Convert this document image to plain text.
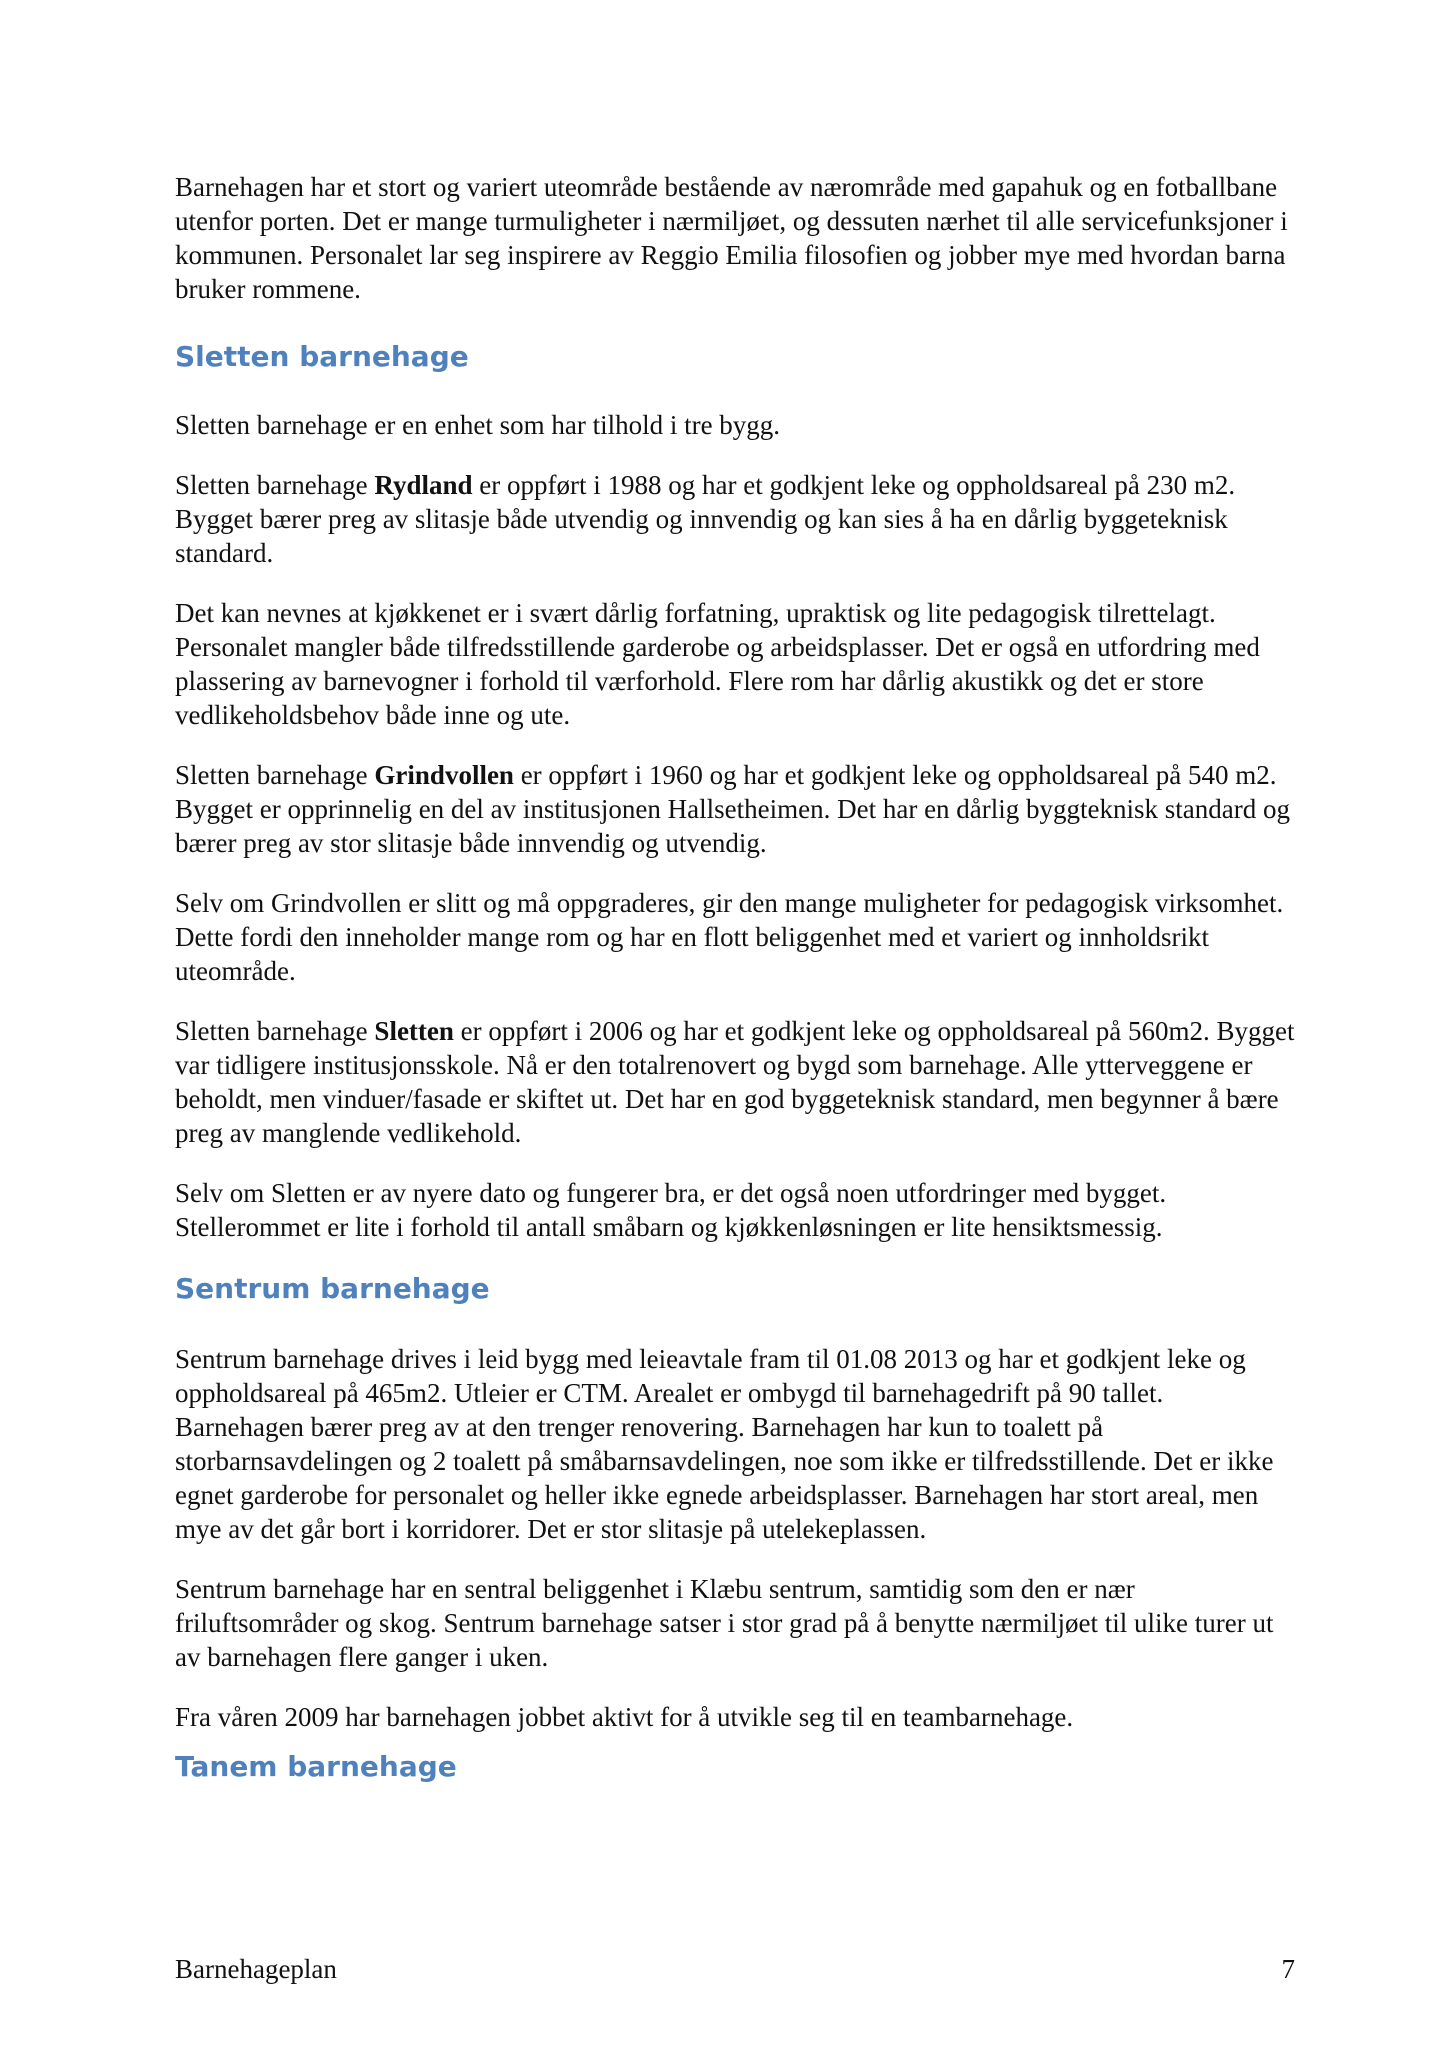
Barnehagen har et stort og variert uteområde bestående av nærområde med gapahuk og en fotballbane utenfor porten. Det er mange turmuligheter i nærmiljøet, og dessuten nærhet til alle servicefunksjoner i kommunen. Personalet lar seg inspirere av Reggio Emilia filosofien og jobber mye med hvordan barna bruker rommene.

Sletten barnehage

Sletten barnehage er en enhet som har tilhold i tre bygg.

Sletten barnehage Rydland er oppført i 1988 og har et godkjent leke og oppholdsareal på 230 m2. Bygget bærer preg av slitasje både utvendig og innvendig og kan sies å ha en dårlig byggeteknisk standard.

Det kan nevnes at kjøkkenet er i svært dårlig forfatning, upraktisk og lite pedagogisk tilrettelagt. Personalet mangler både tilfredsstillende garderobe og arbeidsplasser. Det er også en utfordring med plassering av barnevogner i forhold til værforhold. Flere rom har dårlig akustikk og det er store vedlikeholdsbehov både inne og ute.

Sletten barnehage Grindvollen er oppført i 1960 og har et godkjent leke og oppholdsareal på 540 m2. Bygget er opprinnelig en del av institusjonen Hallsetheimen. Det har en dårlig byggteknisk standard og bærer preg av stor slitasje både innvendig og utvendig.

Selv om Grindvollen er slitt og må oppgraderes, gir den mange muligheter for pedagogisk virksomhet. Dette fordi den inneholder mange rom og har en flott beliggenhet med et variert og innholdsrikt uteområde.

Sletten barnehage Sletten er oppført i 2006 og har et godkjent leke og oppholdsareal på 560m2. Bygget var tidligere institusjonsskole. Nå er den totalrenovert og bygd som barnehage. Alle ytterveggene er beholdt, men vinduer/fasade er skiftet ut. Det har en god byggeteknisk standard, men begynner å bære preg av manglende vedlikehold.

Selv om Sletten er av nyere dato og fungerer bra, er det også noen utfordringer med bygget. Stellerommet er lite i forhold til antall småbarn og kjøkkenløsningen er lite hensiktsmessig.

Sentrum barnehage

Sentrum barnehage drives i leid bygg med leieavtale fram til 01.08 2013 og har et godkjent leke og oppholdsareal på 465m2. Utleier er CTM. Arealet er ombygd til barnehagedrift på 90 tallet. Barnehagen bærer preg av at den trenger renovering. Barnehagen har kun to toalett på storbarnsavdelingen og 2 toalett på småbarnsavdelingen, noe som ikke er tilfredsstillende. Det er ikke egnet garderobe for personalet og heller ikke egnede arbeidsplasser. Barnehagen har stort areal, men mye av det går bort i korridorer. Det er stor slitasje på utelekeplassen.

Sentrum barnehage har en sentral beliggenhet i Klæbu sentrum, samtidig som den er nær friluftsområder og skog. Sentrum barnehage satser i stor grad på å benytte nærmiljøet til ulike turer ut av barnehagen flere ganger i uken.

Fra våren 2009 har barnehagen jobbet aktivt for å utvikle seg til en teambarnehage.

Tanem barnehage
Barnehageplan	7
